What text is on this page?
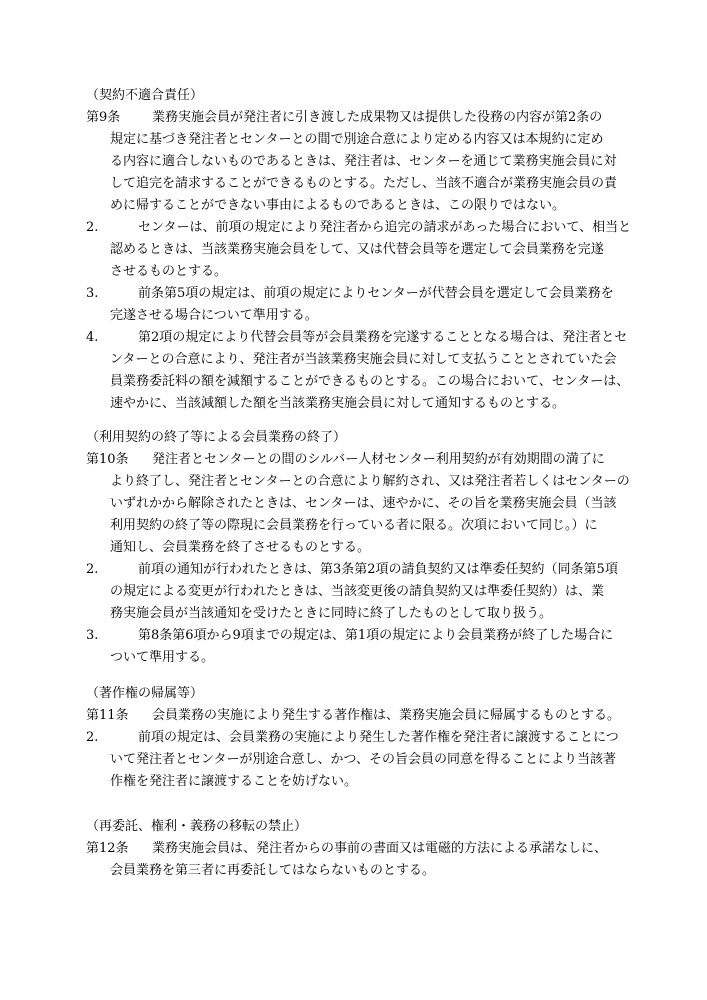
（契約不適合責任）
第9条 業務実施会員が発注者に引き渡した成果物又は提供した役務の内容が第2条の
規定に基づき発注者とセンターとの間で別途合意により定める内容又は本規約に定め
る内容に適合しないものであるときは、発注者は、センターを通じて業務実施会員に対
して追完を請求することができるものとする。ただし、当該不適合が業務実施会員の責
めに帰することができない事由によるものであるときは、この限りではない。
2.	センターは、前項の規定により発注者から追完の請求があった場合において、相当と
認めるときは、当該業務実施会員をして、又は代替会員等を選定して会員業務を完遂
させるものとする。
3.	前条第5項の規定は、前項の規定によりセンターが代替会員を選定して会員業務を
完遂させる場合について準用する。
4.	第2項の規定により代替会員等が会員業務を完遂することとなる場合は、発注者とセ
ンターとの合意により、発注者が当該業務実施会員に対して支払うこととされていた会
員業務委託料の額を減額することができるものとする。この場合において、センターは、
速やかに、当該減額した額を当該業務実施会員に対して通知するものとする。
（利用契約の終了等による会員業務の終了）
第10条 発注者とセンターとの間のシルバー人材センター利用契約が有効期間の満了に
より終了し、発注者とセンターとの合意により解約され、又は発注者若しくはセンターの
いずれかから解除されたときは、センターは、速やかに、その旨を業務実施会員（当該
利用契約の終了等の際現に会員業務を行っている者に限る。次項において同じ。）に
通知し、会員業務を終了させるものとする。
2.	前項の通知が行われたときは、第3条第2項の請負契約又は準委任契約（同条第5項
の規定による変更が行われたときは、当該変更後の請負契約又は準委任契約）は、業
務実施会員が当該通知を受けたときに同時に終了したものとして取り扱う。
3.	第8条第6項から9項までの規定は、第1項の規定により会員業務が終了した場合に
ついて準用する。
（著作権の帰属等）
第11条 会員業務の実施により発生する著作権は、業務実施会員に帰属するものとする。
2.	前項の規定は、会員業務の実施により発生した著作権を発注者に譲渡することにつ
いて発注者とセンターが別途合意し、かつ、その旨会員の同意を得ることにより当該著
作権を発注者に譲渡することを妨げない。
（再委託、権利・義務の移転の禁止）
第12条 業務実施会員は、発注者からの事前の書面又は電磁的方法による承諾なしに、
会員業務を第三者に再委託してはならないものとする。
